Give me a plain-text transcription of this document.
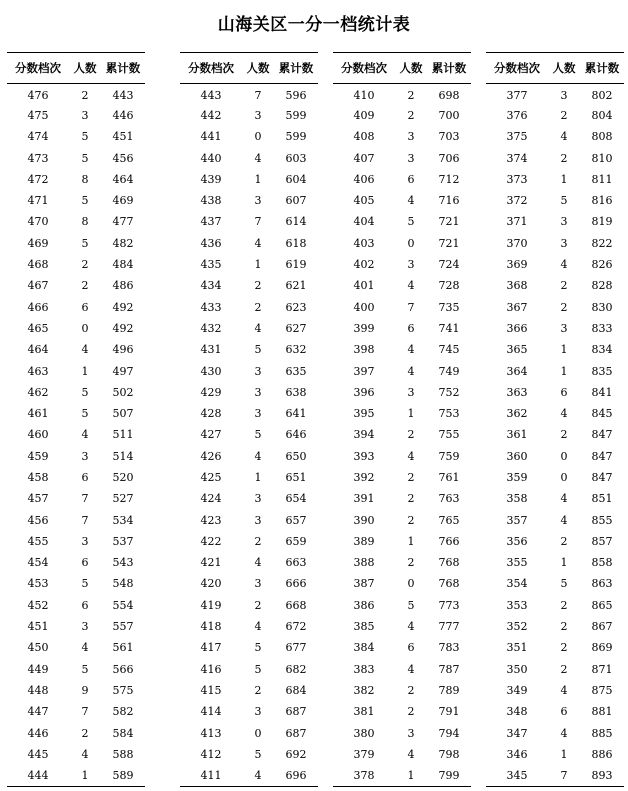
山海关区一分一档统计表
分数档次	人数	累计数
476	2	443
475	3	446
474	5	451
473	5	456
472	8	464
471	5	469
470	8	477
469	5	482
468	2	484
467	2	486
466	6	492
465	0	492
464	4	496
463	1	497
462	5	502
461	5	507
460	4	511
459	3	514
458	6	520
457	7	527
456	7	534
455	3	537
454	6	543
453	5	548
452	6	554
451	3	557
450	4	561
449	5	566
448	9	575
447	7	582
446	2	584
445	4	588
444	1	589
分数档次	人数	累计数
443	7	596
442	3	599
441	0	599
440	4	603
439	1	604
438	3	607
437	7	614
436	4	618
435	1	619
434	2	621
433	2	623
432	4	627
431	5	632
430	3	635
429	3	638
428	3	641
427	5	646
426	4	650
425	1	651
424	3	654
423	3	657
422	2	659
421	4	663
420	3	666
419	2	668
418	4	672
417	5	677
416	5	682
415	2	684
414	3	687
413	0	687
412	5	692
411	4	696
分数档次	人数	累计数
410	2	698
409	2	700
408	3	703
407	3	706
406	6	712
405	4	716
404	5	721
403	0	721
402	3	724
401	4	728
400	7	735
399	6	741
398	4	745
397	4	749
396	3	752
395	1	753
394	2	755
393	4	759
392	2	761
391	2	763
390	2	765
389	1	766
388	2	768
387	0	768
386	5	773
385	4	777
384	6	783
383	4	787
382	2	789
381	2	791
380	3	794
379	4	798
378	1	799
分数档次	人数	累计数
377	3	802
376	2	804
375	4	808
374	2	810
373	1	811
372	5	816
371	3	819
370	3	822
369	4	826
368	2	828
367	2	830
366	3	833
365	1	834
364	1	835
363	6	841
362	4	845
361	2	847
360	0	847
359	0	847
358	4	851
357	4	855
356	2	857
355	1	858
354	5	863
353	2	865
352	2	867
351	2	869
350	2	871
349	4	875
348	6	881
347	4	885
346	1	886
345	7	893
